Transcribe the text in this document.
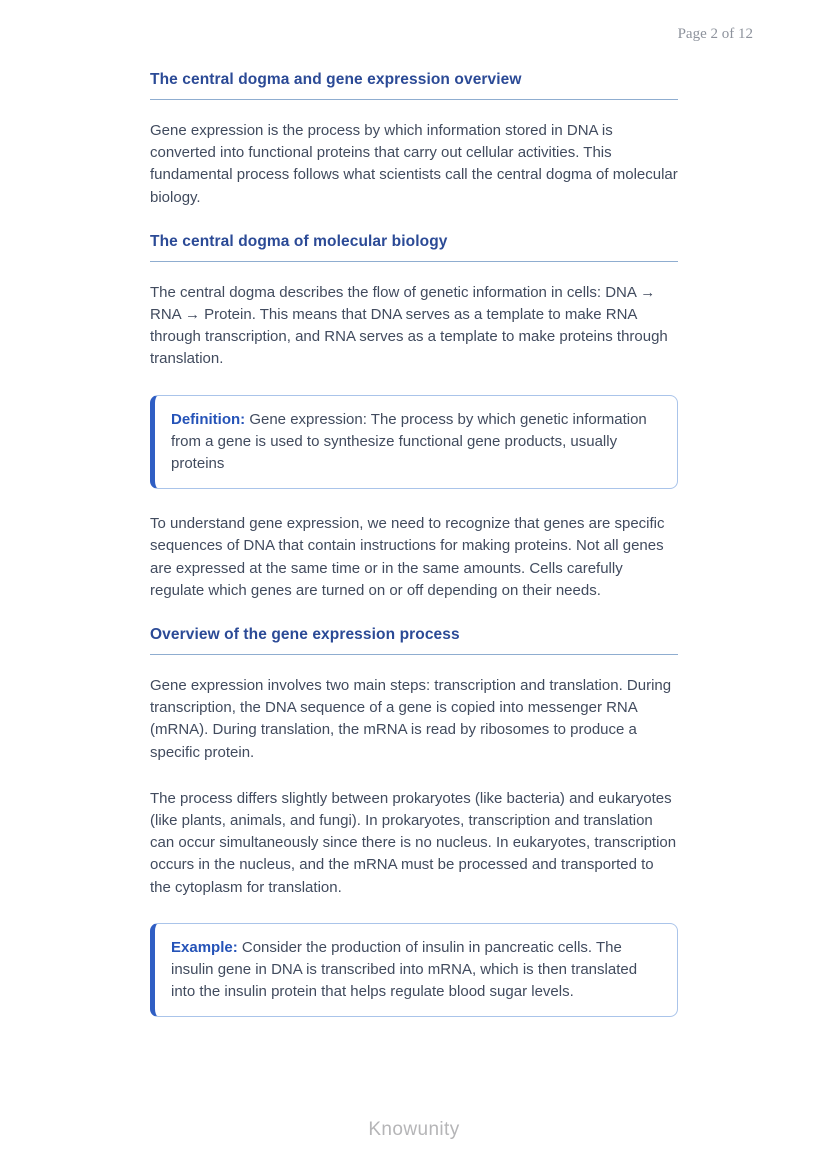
Page 2 of 12
The central dogma and gene expression overview

Gene expression is the process by which information stored in DNA is converted into functional proteins that carry out cellular activities. This fundamental process follows what scientists call the central dogma of molecular biology.

The central dogma of molecular biology

The central dogma describes the flow of genetic information in cells: DNA → RNA → Protein. This means that DNA serves as a template to make RNA through transcription, and RNA serves as a template to make proteins through translation.

Definition: Gene expression: The process by which genetic information from a gene is used to synthesize functional gene products, usually proteins

To understand gene expression, we need to recognize that genes are specific sequences of DNA that contain instructions for making proteins. Not all genes are expressed at the same time or in the same amounts. Cells carefully regulate which genes are turned on or off depending on their needs.

Overview of the gene expression process

Gene expression involves two main steps: transcription and translation. During transcription, the DNA sequence of a gene is copied into messenger RNA (mRNA). During translation, the mRNA is read by ribosomes to produce a specific protein.

The process differs slightly between prokaryotes (like bacteria) and eukaryotes (like plants, animals, and fungi). In prokaryotes, transcription and translation can occur simultaneously since there is no nucleus. In eukaryotes, transcription occurs in the nucleus, and the mRNA must be processed and transported to the cytoplasm for translation.

Example: Consider the production of insulin in pancreatic cells. The insulin gene in DNA is transcribed into mRNA, which is then translated into the insulin protein that helps regulate blood sugar levels.

Knowunity
